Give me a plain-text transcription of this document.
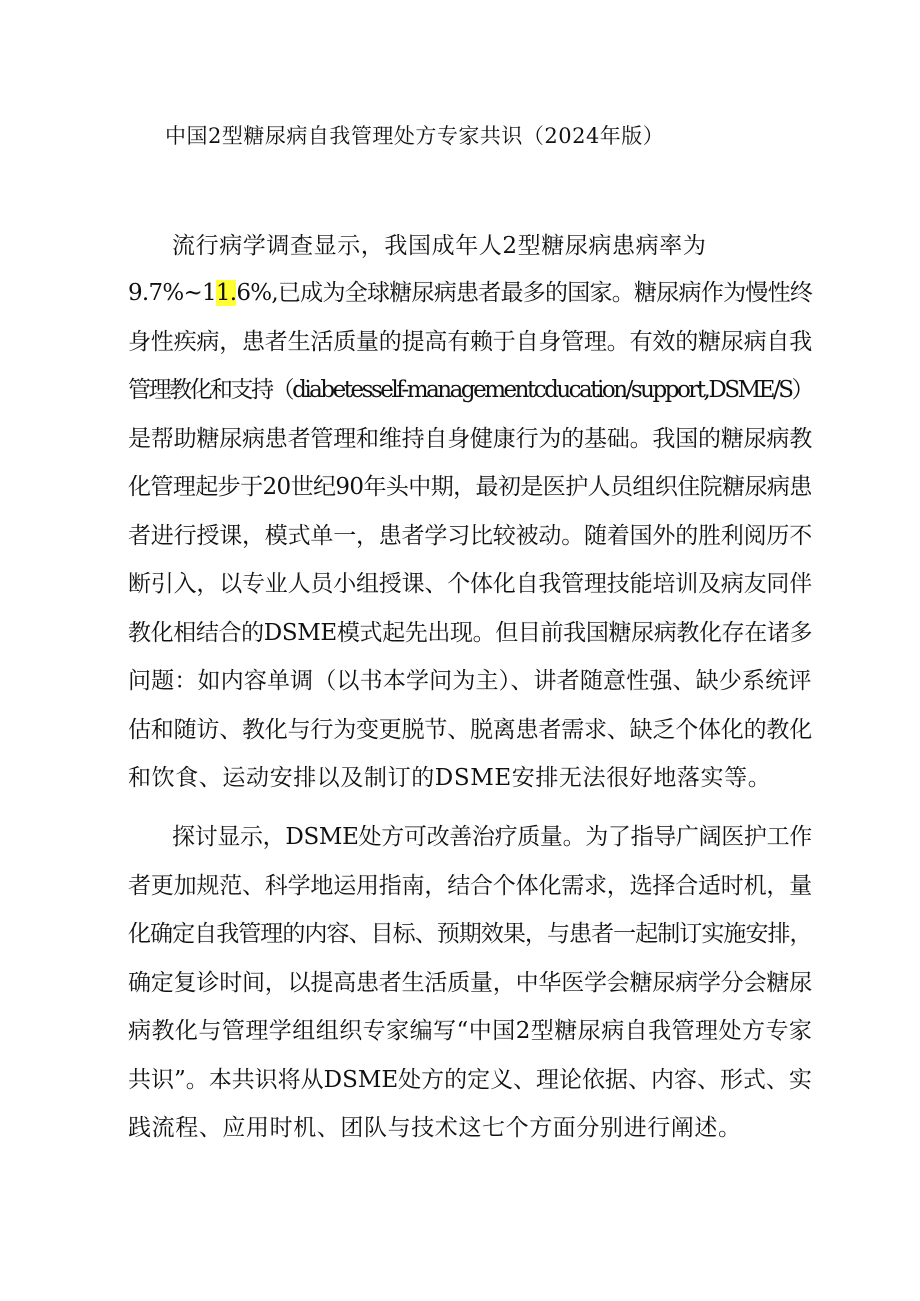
中国2型糖尿病自我管理处方专家共识（2024年版）
流行病学调查显示，我国成年人2型糖尿病患病率为
9.7%~11.6%,已成为全球糖尿病患者最多的国家。糖尿病作为慢性终
身性疾病，患者生活质量的提高有赖于自身管理。有效的糖尿病自我
管理教化和支持（diabetesself-managementcducation/support,DSME/S）
是帮助糖尿病患者管理和维持自身健康行为的基础。我国的糖尿病教
化管理起步于20世纪90年头中期，最初是医护人员组织住院糖尿病患
者进行授课，模式单一，患者学习比较被动。随着国外的胜利阅历不
断引入，以专业人员小组授课、个体化自我管理技能培训及病友同伴
教化相结合的DSME模式起先出现。但目前我国糖尿病教化存在诸多
问题：如内容单调（以书本学问为主）、讲者随意性强、缺少系统评
估和随访、教化与行为变更脱节、脱离患者需求、缺乏个体化的教化
和饮食、运动安排以及制订的DSME安排无法很好地落实等。
探讨显示，DSME处方可改善治疗质量。为了指导广阔医护工作
者更加规范、科学地运用指南，结合个体化需求，选择合适时机，量
化确定自我管理的内容、目标、预期效果，与患者一起制订实施安排，
确定复诊时间，以提高患者生活质量，中华医学会糖尿病学分会糖尿
病教化与管理学组组织专家编写“中国2型糖尿病自我管理处方专家
共识”。本共识将从DSME处方的定义、理论依据、内容、形式、实
践流程、应用时机、团队与技术这七个方面分别进行阐述。
